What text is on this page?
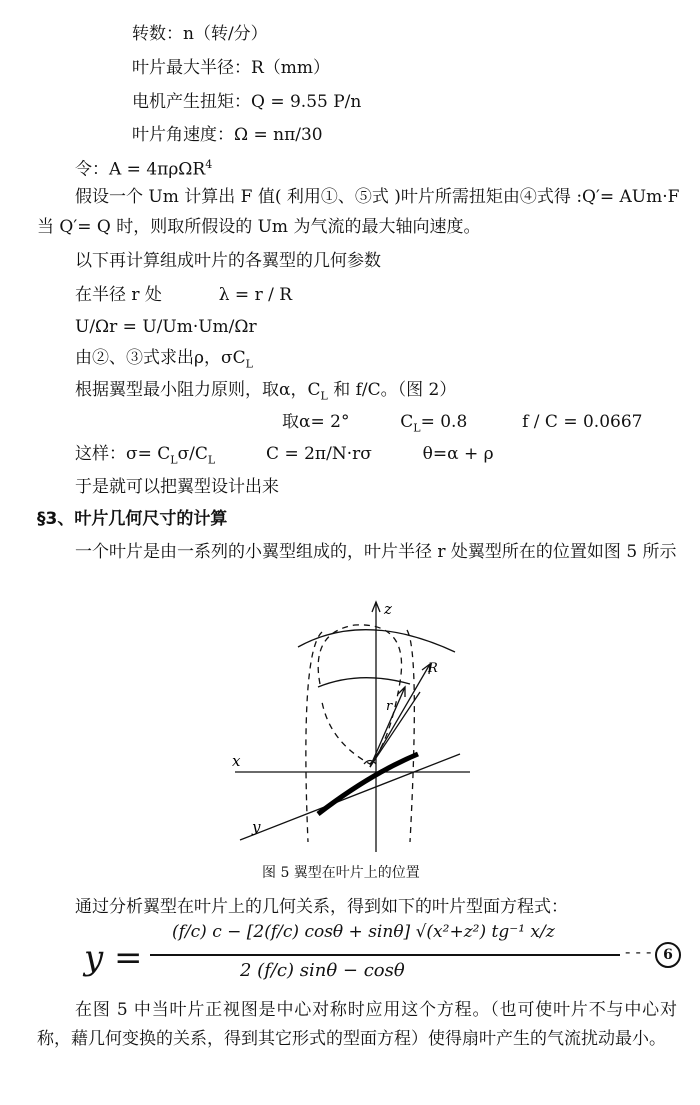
转数：n（转/分）
叶片最大半径：R（mm）
电机产生扭矩：Q = 9.55 P/n
叶片角速度：Ω = nπ/30
令：A = 4πρΩR$^4$
假设一个 Um 计算出 F 值( 利用①、⑤式 )叶片所需扭矩由④式得 :Q′= AUm·F
当 Q′= Q 时，则取所假设的 Um 为气流的最大轴向速度。
以下再计算组成叶片的各翼型的几何参数
在半径 r 处	λ = r / R
U/Ωr = U/Um·Um/Ωr
由②、③式求出ρ，$\sigma C_L$
根据翼型最小阻力原则，取α，$C_L$ 和 f/C。（图 2）
取α= 2°	$C_L= 0.8$	f / C = 0.0667
这样：$\sigma= C_L\sigma/C_L$	C = 2π/N·rσ	θ=α + ρ
于是就可以把翼型设计出来
§3、叶片几何尺寸的计算
一个叶片是由一系列的小翼型组成的，叶片半径 r 处翼型所在的位置如图 5 所示
z
x
y
R
r
图 5 翼型在叶片上的位置
通过分析翼型在叶片上的几何关系，得到如下的叶片型面方程式：
y =
(f/c) c − [2(f/c) cosθ + sinθ] √(x²+z²) tg⁻¹ x/z
2 (f/c) sinθ − cosθ
- - - 6
在图 5 中当叶片正视图是中心对称时应用这个方程。（也可使叶片不与中心对称，藉几何变换的关系，得到其它形式的型面方程）使得扇叶产生的气流扰动最小。
